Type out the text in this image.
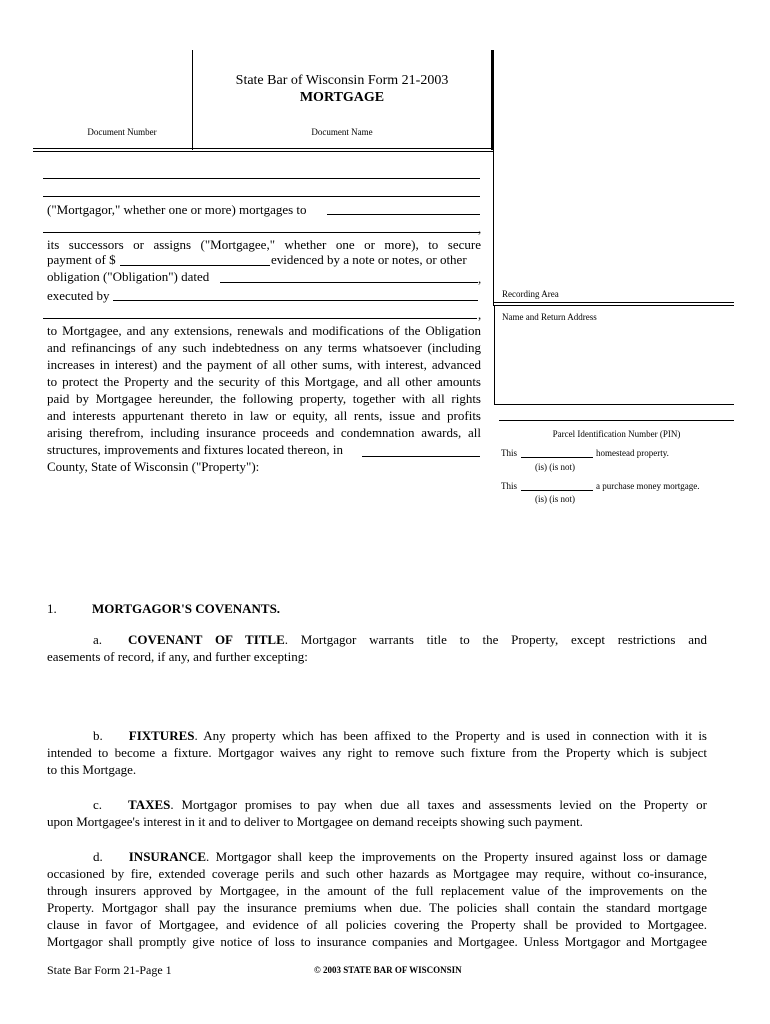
State Bar of Wisconsin Form 21-2003
MORTGAGE
Document Number	Document Name
("Mortgagor," whether one or more) mortgages to
,
its successors or assigns ("Mortgagee," whether one or more), to secure
payment of $	evidenced by a note or notes, or other
obligation ("Obligation") dated	,
executed by
,
to Mortgagee, and any extensions, renewals and modifications of the Obligation
and refinancings of any such indebtedness on any terms whatsoever (including
increases in interest) and the payment of all other sums, with interest, advanced
to protect the Property and the security of this Mortgage, and all other amounts
paid by Mortgagee hereunder, the following property, together with all rights
and interests appurtenant thereto in law or equity, all rents, issue and profits
arising therefrom, including insurance proceeds and condemnation awards, all
structures, improvements and fixtures located thereon, in
County, State of Wisconsin ("Property"):
Recording Area
Name and Return Address
Parcel Identification Number (PIN)
This	homestead property.
(is) (is not)
This	a purchase money mortgage.
(is) (is not)
1.	MORTGAGOR'S COVENANTS.
a. COVENANT OF TITLE. Mortgagor warrants title to the Property, except restrictions and
easements of record, if any, and further excepting:
b. FIXTURES. Any property which has been affixed to the Property and is used in connection with it is
intended to become a fixture. Mortgagor waives any right to remove such fixture from the Property which is subject
to this Mortgage.
c. TAXES. Mortgagor promises to pay when due all taxes and assessments levied on the Property or
upon Mortgagee's interest in it and to deliver to Mortgagee on demand receipts showing such payment.
d. INSURANCE. Mortgagor shall keep the improvements on the Property insured against loss or damage
occasioned by fire, extended coverage perils and such other hazards as Mortgagee may require, without co-insurance,
through insurers approved by Mortgagee, in the amount of the full replacement value of the improvements on the
Property. Mortgagor shall pay the insurance premiums when due. The policies shall contain the standard mortgage
clause in favor of Mortgagee, and evidence of all policies covering the Property shall be provided to Mortgagee.
Mortgagor shall promptly give notice of loss to insurance companies and Mortgagee. Unless Mortgagor and Mortgagee
State Bar Form 21-Page 1	© 2003 STATE BAR OF WISCONSIN
